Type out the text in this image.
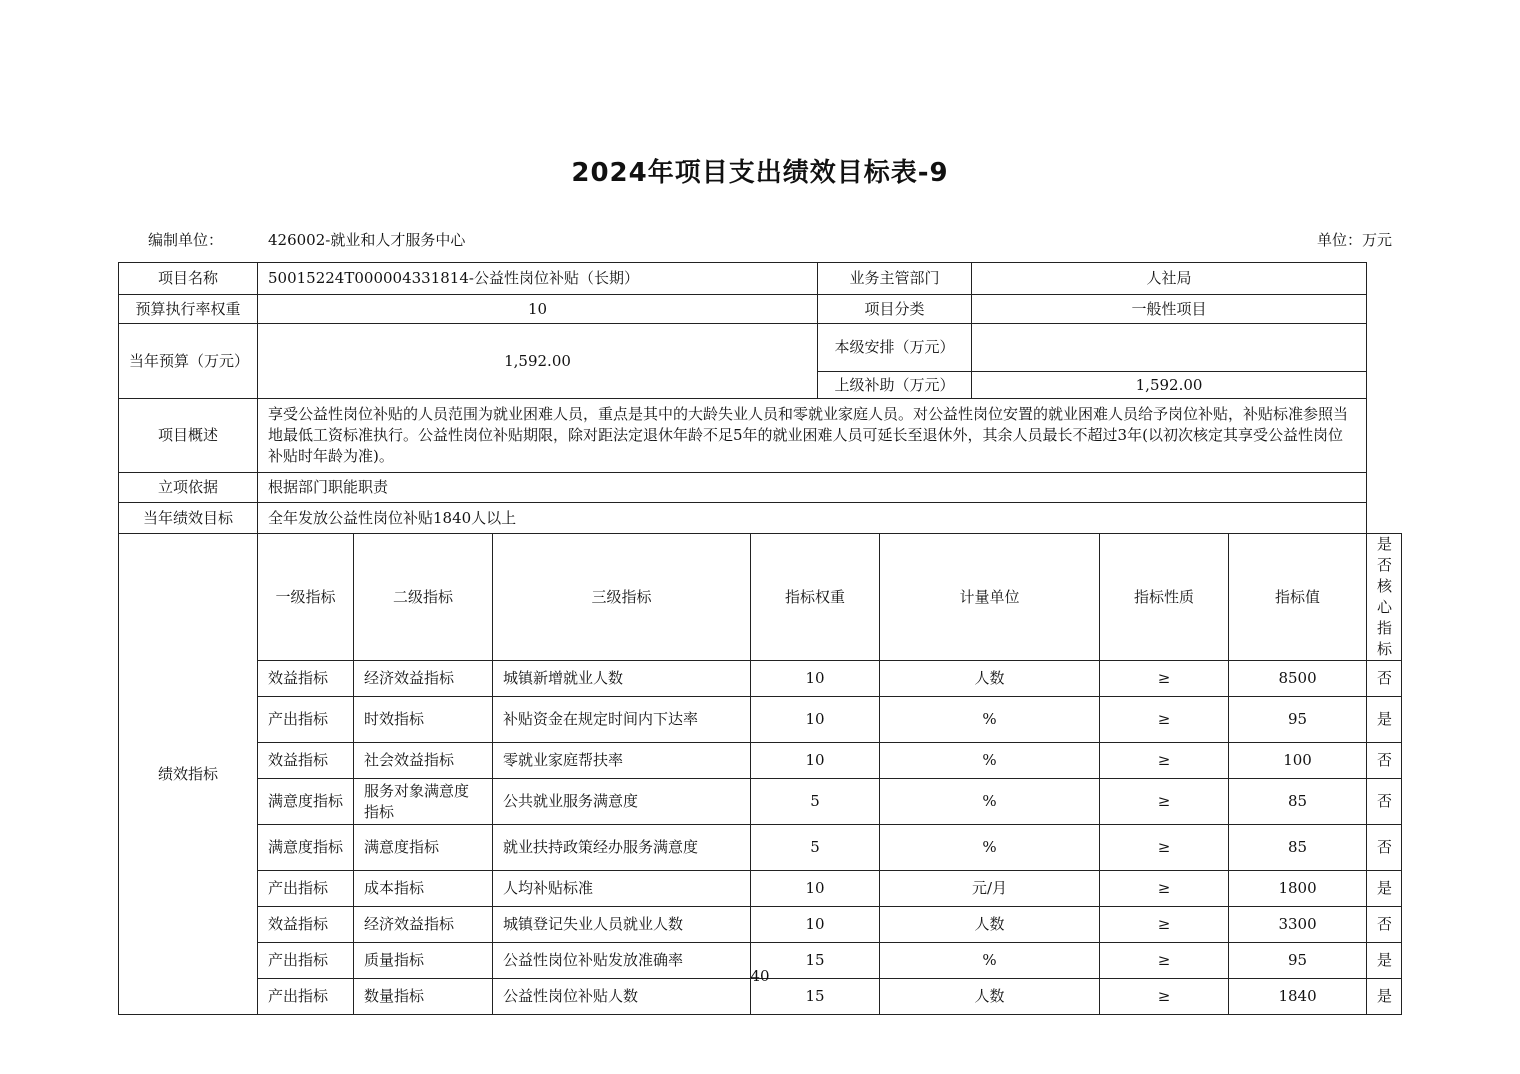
2024年项目支出绩效目标表-9
编制单位：	426002-就业和人才服务中心	单位：万元
项目名称	50015224T000004331814-公益性岗位补贴（长期）				业务主管部门		人社局			
预算执行率权重	10				项目分类		一般性项目			
当年预算（万元）	1,592.00				本级安排（万元）					
					上级补助（万元）		1,592.00			
项目概述	享受公益性岗位补贴的人员范围为就业困难人员，重点是其中的大龄失业人员和零就业家庭人员。对公益性岗位安置的就业困难人员给予岗位补贴，补贴标准参照当地最低工资标准执行。公益性岗位补贴期限，除对距法定退休年龄不足5年的就业困难人员可延长至退休外，其余人员最长不超过3年(以初次核定其享受公益性岗位补贴时年龄为准)。									
立项依据	根据部门职能职责									
当年绩效目标	全年发放公益性岗位补贴1840人以上									
绩效指标	一级指标	二级指标	三级指标	指标权重		计量单位		指标性质	指标值	是否核心指标
	效益指标	经济效益指标	城镇新增就业人数	10		人数		≥	8500	否
	产出指标	时效指标	补贴资金在规定时间内下达率	10		%		≥	95	是
	效益指标	社会效益指标	零就业家庭帮扶率	10		%		≥	100	否
	满意度指标	服务对象满意度指标	公共就业服务满意度	5		%		≥	85	否
	满意度指标	满意度指标	就业扶持政策经办服务满意度	5		%		≥	85	否
	产出指标	成本指标	人均补贴标准	10		元/月		≥	1800	是
	效益指标	经济效益指标	城镇登记失业人员就业人数	10		人数		≥	3300	否
	产出指标	质量指标	公益性岗位补贴发放准确率	15		%		≥	95	是
	产出指标	数量指标	公益性岗位补贴人数	15		人数		≥	1840	是
40
